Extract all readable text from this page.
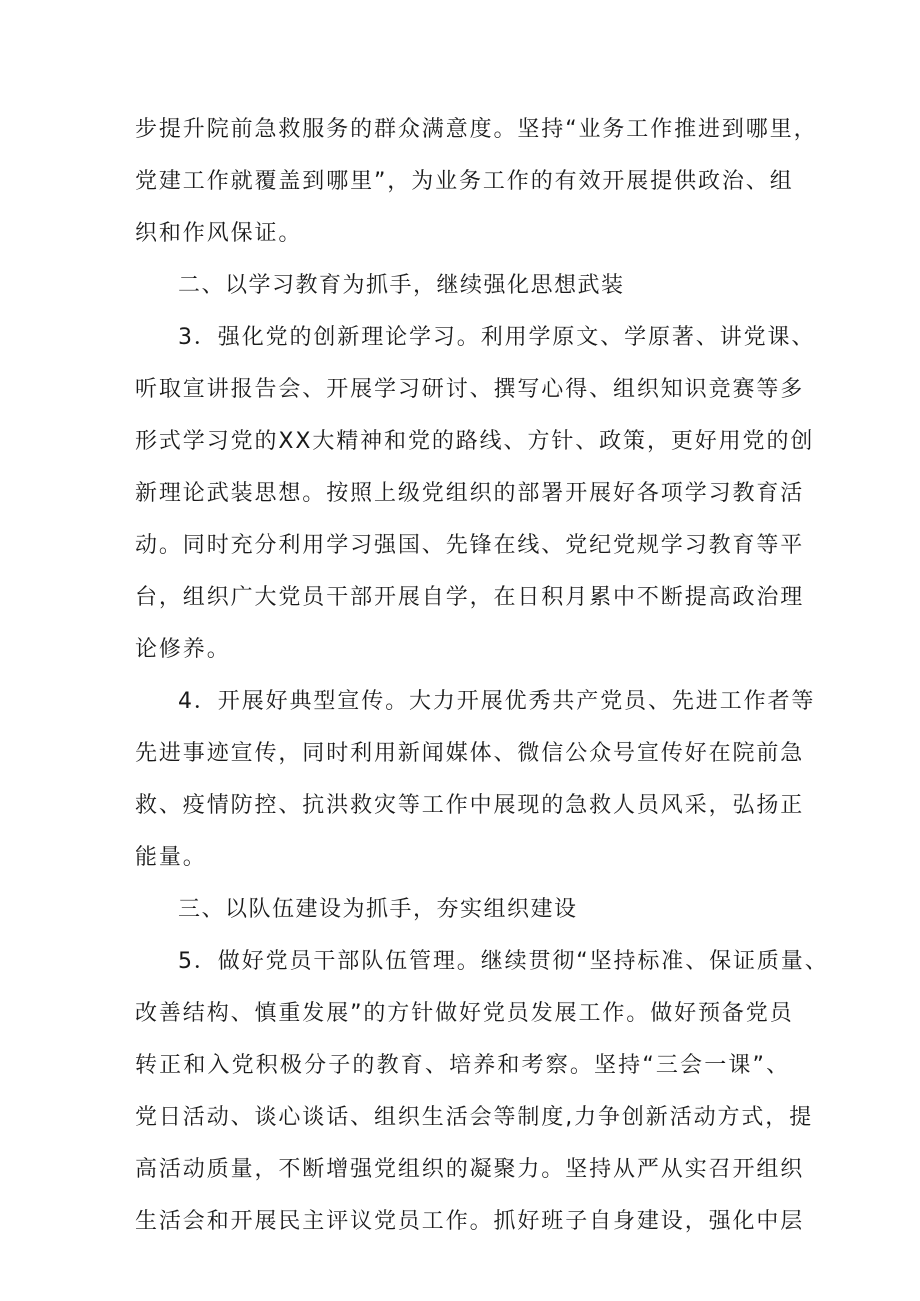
步提升院前急救服务的群众满意度。坚持“业务工作推进到哪里，
党建工作就覆盖到哪里”，为业务工作的有效开展提供政治、组
织和作风保证。
二、以学习教育为抓手，继续强化思想武装
3．强化党的创新理论学习。利用学原文、学原著、讲党课、
听取宣讲报告会、开展学习研讨、撰写心得、组织知识竞赛等多
形式学习党的XX大精神和党的路线、方针、政策，更好用党的创
新理论武装思想。按照上级党组织的部署开展好各项学习教育活
动。同时充分利用学习强国、先锋在线、党纪党规学习教育等平
台，组织广大党员干部开展自学，在日积月累中不断提高政治理
论修养。
4．开展好典型宣传。大力开展优秀共产党员、先进工作者等
先进事迹宣传，同时利用新闻媒体、微信公众号宣传好在院前急
救、疫情防控、抗洪救灾等工作中展现的急救人员风采，弘扬正
能量。
三、以队伍建设为抓手，夯实组织建设
5．做好党员干部队伍管理。继续贯彻“坚持标准、保证质量、
改善结构、慎重发展”的方针做好党员发展工作。做好预备党员
转正和入党积极分子的教育、培养和考察。坚持“三会一课”、
党日活动、谈心谈话、组织生活会等制度,力争创新活动方式，提
高活动质量，不断增强党组织的凝聚力。坚持从严从实召开组织
生活会和开展民主评议党员工作。抓好班子自身建设，强化中层
